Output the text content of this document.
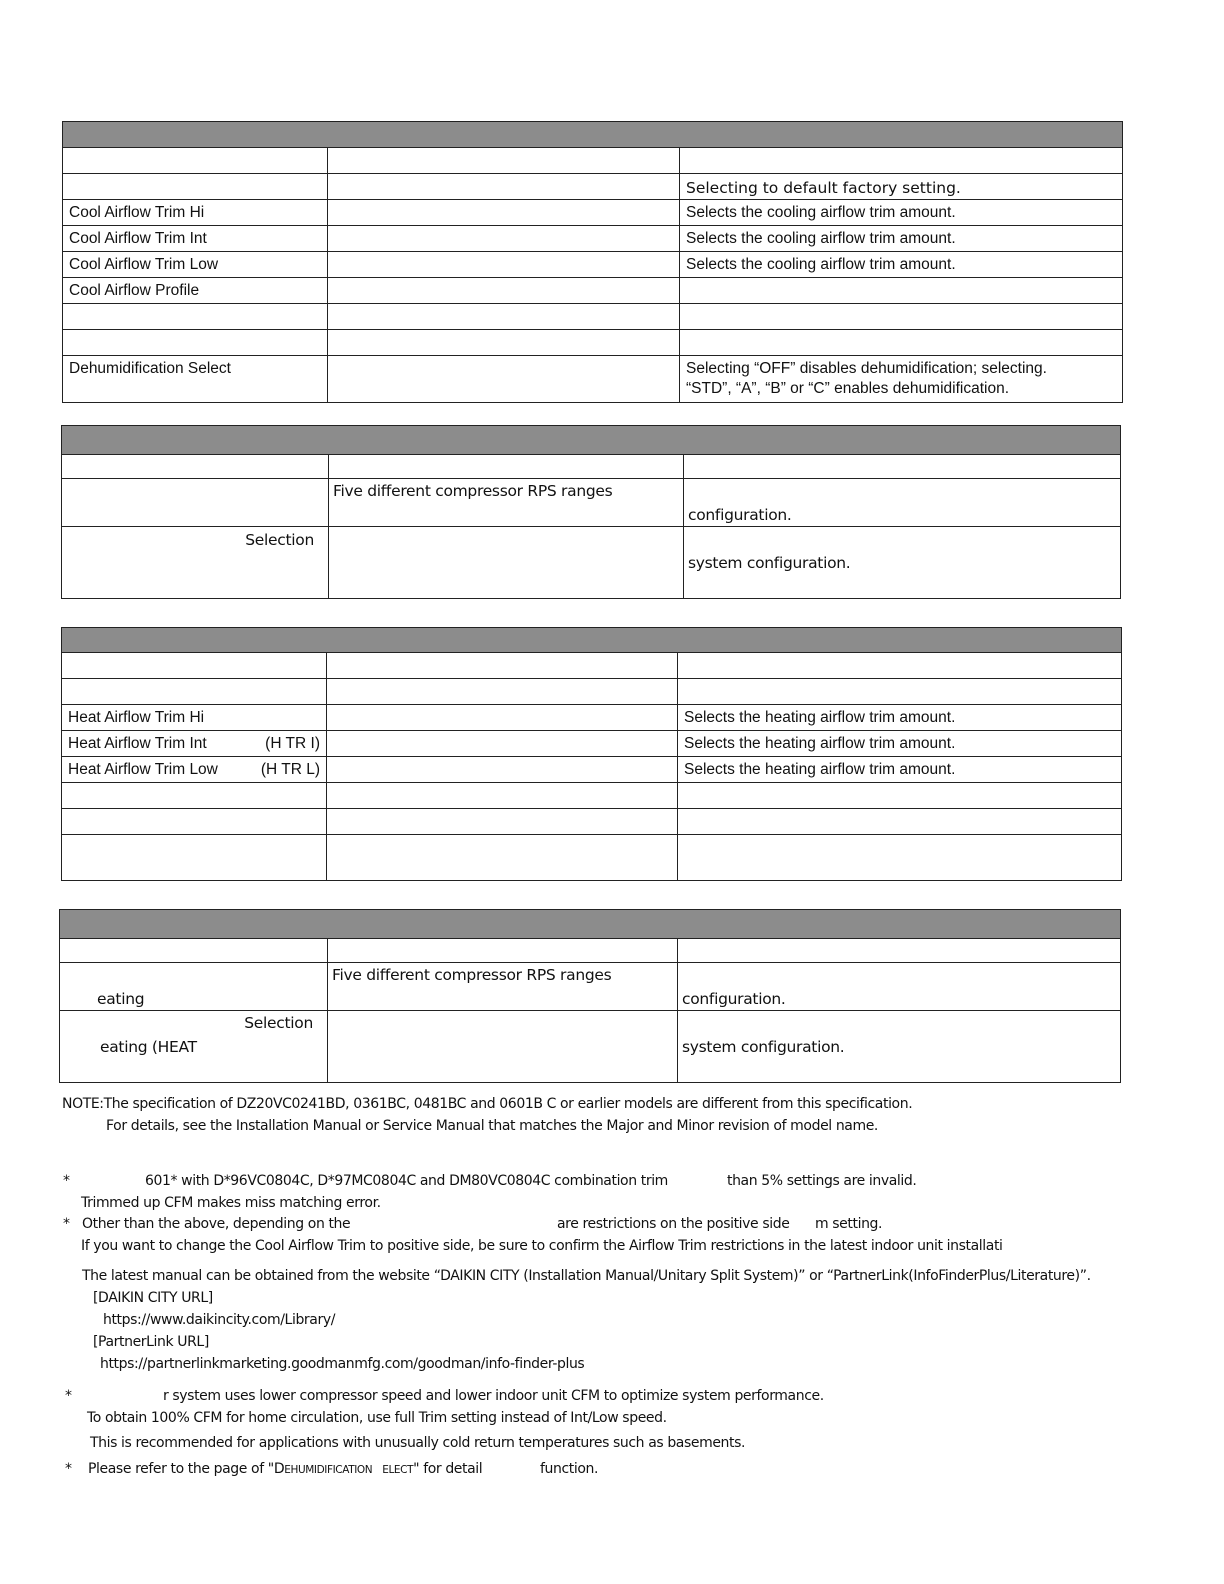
		Selecting to default factory setting.
Cool Airflow Trim Hi		Selects the cooling airflow trim amount.
Cool Airflow Trim Int		Selects the cooling airflow trim amount.
Cool Airflow Trim Low		Selects the cooling airflow trim amount.
Cool Airflow Profile		

Dehumidification Select		Selecting “OFF” disables dehumidification; selecting.
“STD”, “A”, “B” or “C” enables dehumidification.

	Five different compressor RPS ranges	configuration.
Selection		system configuration.

Heat Airflow Trim Hi		Selects the heating airflow trim amount.
Heat Airflow Trim Int (H TR I)		Selects the heating airflow trim amount.
Heat Airflow Trim Low (H TR L)		Selects the heating airflow trim amount.

eating	Five different compressor RPS ranges	configuration.

Selection
eating (HEAT		system configuration.
NOTE:The specification of DZ20VC0241BD, 0361BC, 0481BC and 0601B C or earlier models are different from this specification.
For details, see the Installation Manual or Service Manual that matches the Major and Minor revision of model name.
*	601* with D*96VC0804C, D*97MC0804C and DM80VC0804C combination trim	than 5% settings are invalid.
Trimmed up CFM makes miss matching error.
* Other than the above, depending on the	are restrictions on the positive side m setting.
If you want to change the Cool Airflow Trim to positive side, be sure to confirm the Airflow Trim restrictions in the latest indoor unit installati
The latest manual can be obtained from the website “DAIKIN CITY (Installation Manual/Unitary Split System)” or “PartnerLink(InfoFinderPlus/Literature)”.
[DAIKIN CITY URL]
https://www.daikincity.com/Library/
[PartnerLink URL]
https://partnerlinkmarketing.goodmanmfg.com/goodman/info-finder-plus
*	r system uses lower compressor speed and lower indoor unit CFM to optimize system performance.
To obtain 100% CFM for home circulation, use full Trim setting instead of Int/Low speed.
This is recommended for applications with unusually cold return temperatures such as basements.
* Please refer to the page of "DEHUMIDIFICATION ELECT" for detail	function.
